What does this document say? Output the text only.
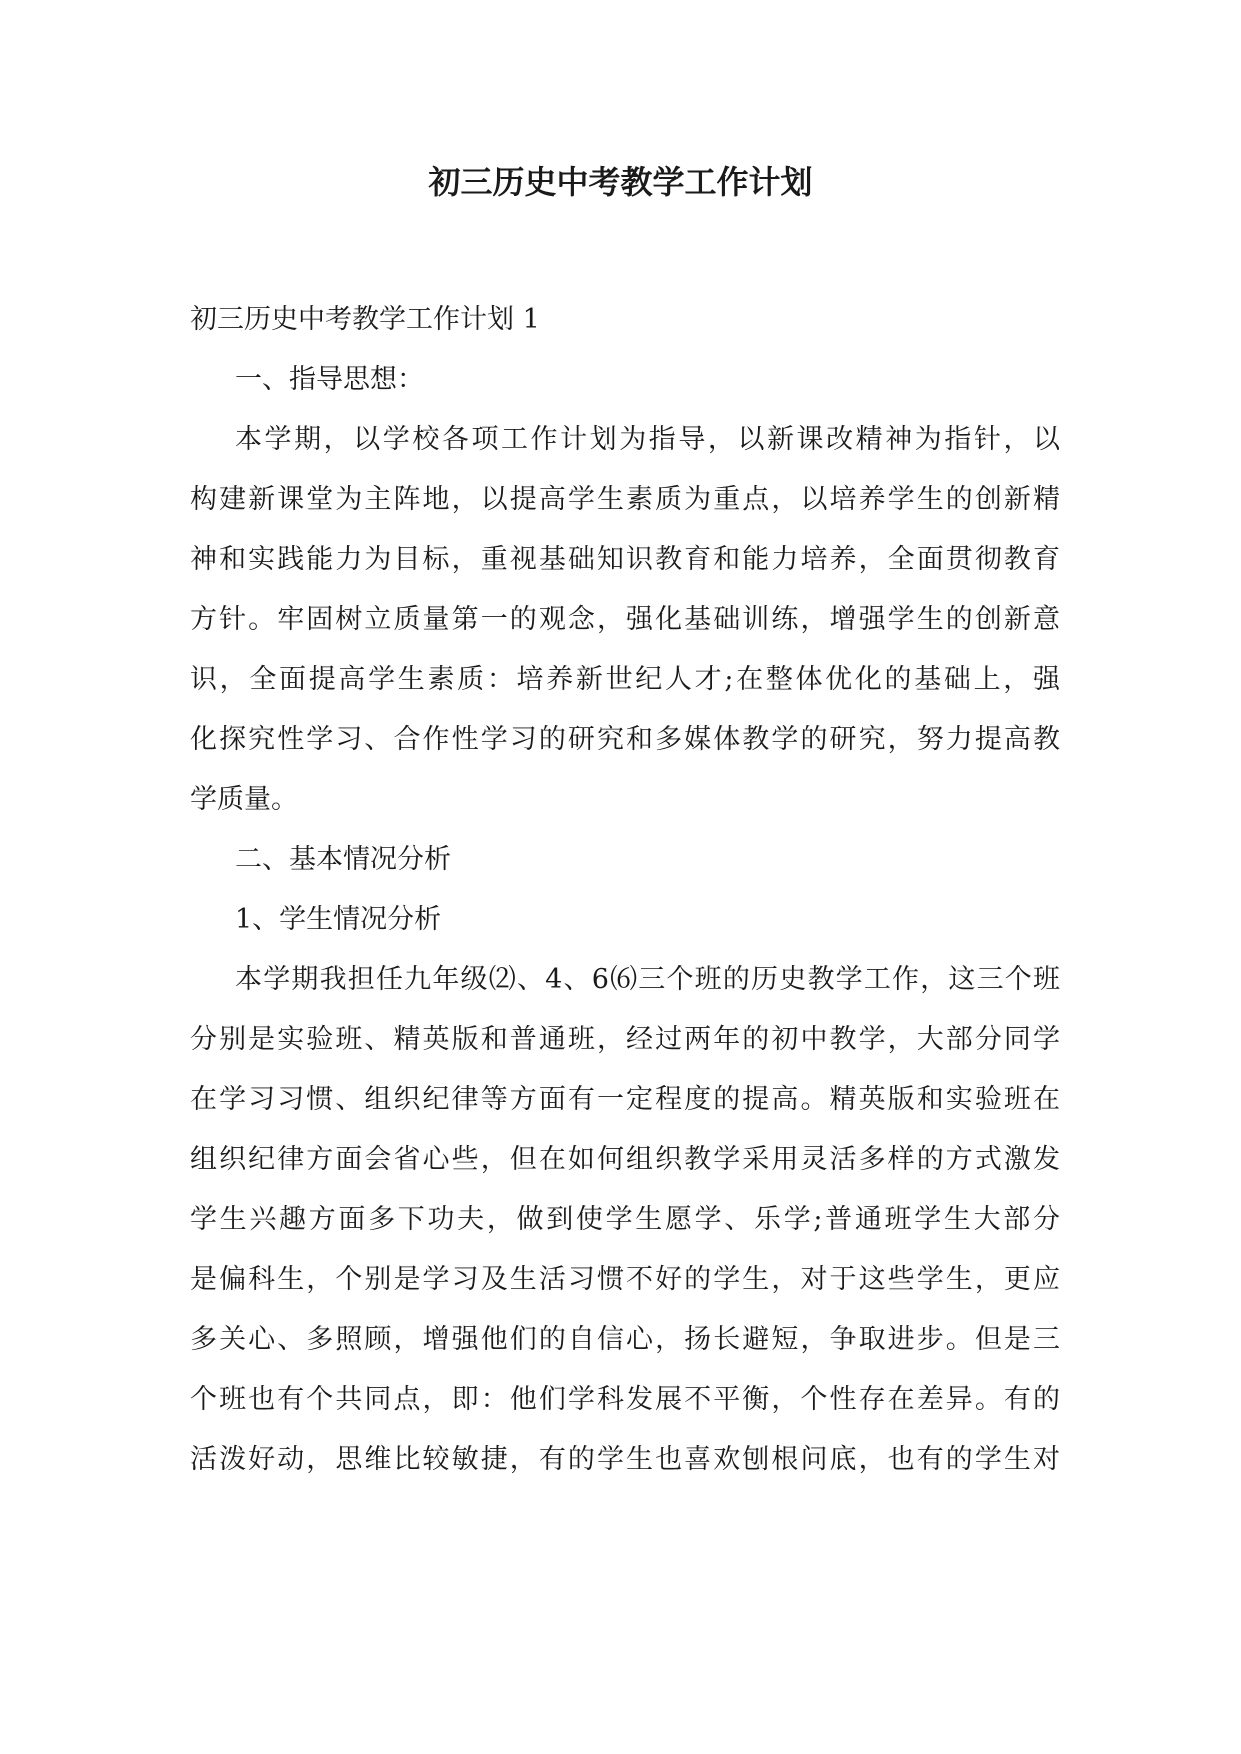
初三历史中考教学工作计划

初三历史中考教学工作计划 1

一、指导思想：

本学期，以学校各项工作计划为指导，以新课改精神为指针，以

构建新课堂为主阵地，以提高学生素质为重点，以培养学生的创新精

神和实践能力为目标，重视基础知识教育和能力培养，全面贯彻教育

方针。牢固树立质量第一的观念，强化基础训练，增强学生的创新意

识，全面提高学生素质：培养新世纪人才;在整体优化的基础上，强

化探究性学习、合作性学习的研究和多媒体教学的研究，努力提高教

学质量。

二、基本情况分析

1、学生情况分析

本学期我担任九年级⑵、4、6⑹三个班的历史教学工作，这三个班

分别是实验班、精英版和普通班，经过两年的初中教学，大部分同学

在学习习惯、组织纪律等方面有一定程度的提高。精英版和实验班在

组织纪律方面会省心些，但在如何组织教学采用灵活多样的方式激发

学生兴趣方面多下功夫，做到使学生愿学、乐学;普通班学生大部分

是偏科生，个别是学习及生活习惯不好的学生，对于这些学生，更应

多关心、多照顾，增强他们的自信心，扬长避短，争取进步。但是三

个班也有个共同点，即：他们学科发展不平衡，个性存在差异。有的

活泼好动，思维比较敏捷，有的学生也喜欢刨根问底，也有的学生对
